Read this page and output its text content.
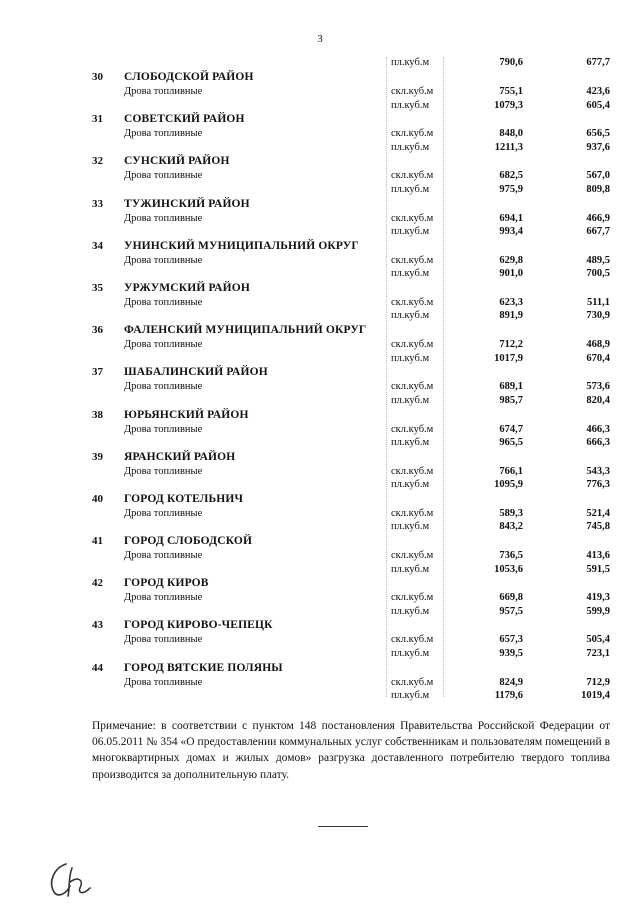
3
пл.куб.м	790,6	677,7
30	СЛОБОДСКОЙ РАЙОН
Дрова топливные	скл.куб.м	755,1	423,6
пл.куб.м	1079,3	605,4
31	СОВЕТСКИЙ РАЙОН
Дрова топливные	скл.куб.м	848,0	656,5
пл.куб.м	1211,3	937,6
32	СУНСКИЙ РАЙОН
Дрова топливные	скл.куб.м	682,5	567,0
пл.куб.м	975,9	809,8
33	ТУЖИНСКИЙ РАЙОН
Дрова топливные	скл.куб.м	694,1	466,9
пл.куб.м	993,4	667,7
34	УНИНСКИЙ МУНИЦИПАЛЬНИЙ ОКРУГ
Дрова топливные	скл.куб.м	629,8	489,5
пл.куб.м	901,0	700,5
35	УРЖУМСКИЙ РАЙОН
Дрова топливные	скл.куб.м	623,3	511,1
пл.куб.м	891,9	730,9
36	ФАЛЕНСКИЙ МУНИЦИПАЛЬНИЙ ОКРУГ
Дрова топливные	скл.куб.м	712,2	468,9
пл.куб.м	1017,9	670,4
37	ШАБАЛИНСКИЙ РАЙОН
Дрова топливные	скл.куб.м	689,1	573,6
пл.куб.м	985,7	820,4
38	ЮРЬЯНСКИЙ РАЙОН
Дрова топливные	скл.куб.м	674,7	466,3
пл.куб.м	965,5	666,3
39	ЯРАНСКИЙ РАЙОН
Дрова топливные	скл.куб.м	766,1	543,3
пл.куб.м	1095,9	776,3
40	ГОРОД КОТЕЛЬНИЧ
Дрова топливные	скл.куб.м	589,3	521,4
пл.куб.м	843,2	745,8
41	ГОРОД СЛОБОДСКОЙ
Дрова топливные	скл.куб.м	736,5	413,6
пл.куб.м	1053,6	591,5
42	ГОРОД КИРОВ
Дрова топливные	скл.куб.м	669,8	419,3
пл.куб.м	957,5	599,9
43	ГОРОД КИРОВО-ЧЕПЕЦК
Дрова топливные	скл.куб.м	657,3	505,4
пл.куб.м	939,5	723,1
44	ГОРОД ВЯТСКИЕ ПОЛЯНЫ
Дрова топливные	скл.куб.м	824,9	712,9
пл.куб.м	1179,6	1019,4
Примечание: в соответствии с пунктом 148 постановления Правительства Российской Федерации от 06.05.2011 № 354 «О предоставлении коммунальных услуг собственникам и пользователям помещений в многоквартирных домах и жилых домов» разгрузка доставленного потребителю твердого топлива производится за дополнительную плату.
